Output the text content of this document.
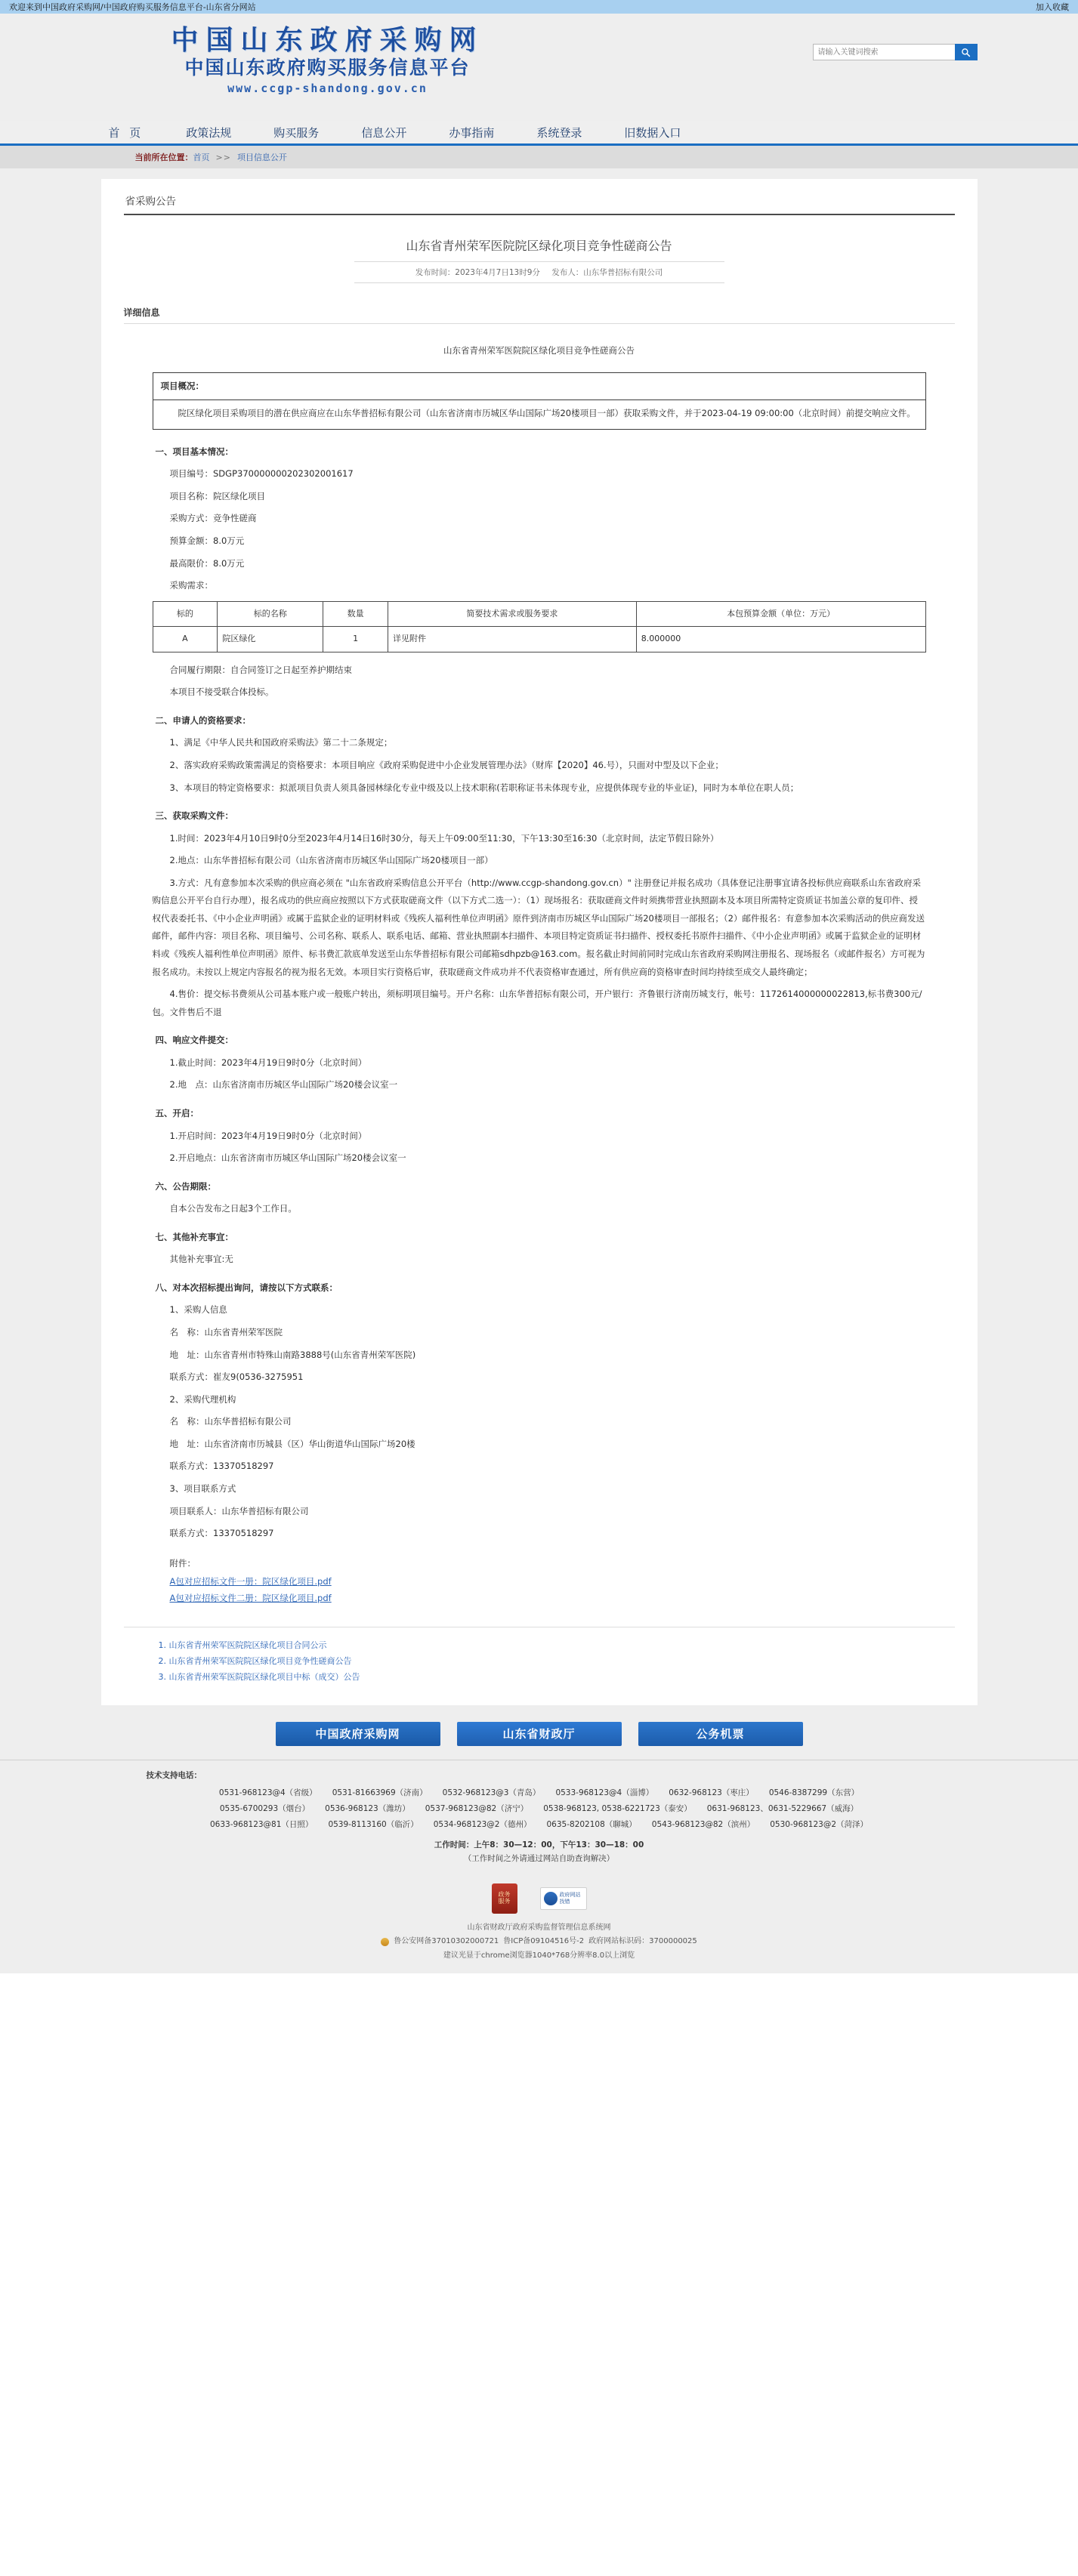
欢迎来到中国政府采购网/中国政府购买服务信息平台-山东省分网站	加入收藏
中国山东政府采购网
中国山东政府购买服务信息平台
www.ccgp-shandong.gov.cn
请输入关键词搜索
首 页	政策法规	购买服务	信息公开	办事指南	系统登录	旧数据入口
当前所在位置： 首页 >> 项目信息公开
省采购公告
山东省青州荣军医院院区绿化项目竞争性磋商公告
发布时间：2023年4月7日13时9分 发布人：山东华普招标有限公司
详细信息
山东省青州荣军医院院区绿化项目竞争性磋商公告
项目概况：
院区绿化项目采购项目的潜在供应商应在山东华普招标有限公司（山东省济南市历城区华山国际广场20楼项目一部）获取采购文件，并于2023-04-19 09:00:00（北京时间）前提交响应文件。
一、项目基本情况：

项目编号：SDGP370000000202302001617

项目名称：院区绿化项目

采购方式：竞争性磋商

预算金额：8.0万元

最高限价：8.0万元

采购需求：

标的	标的名称	数量	简要技术需求或服务要求	本包预算金额（单位：万元）
A	院区绿化	1	详见附件	8.000000

合同履行期限：自合同签订之日起至养护期结束

本项目不接受联合体投标。

二、申请人的资格要求：

1、满足《中华人民共和国政府采购法》第二十二条规定；

2、落实政府采购政策需满足的资格要求：本项目响应《政府采购促进中小企业发展管理办法》（财库【2020】46.号），只面对中型及以下企业；

3、本项目的特定资格要求：拟派项目负责人须具备园林绿化专业中级及以上技术职称(若职称证书未体现专业，应提供体现专业的毕业证)，同时为本单位在职人员；

三、获取采购文件：

1.时间：2023年4月10日9时0分至2023年4月14日16时30分，每天上午09:00至11:30，下午13:30至16:30（北京时间，法定节假日除外）

2.地点：山东华普招标有限公司（山东省济南市历城区华山国际广场20楼项目一部）

3.方式：凡有意参加本次采购的供应商必须在 "山东省政府采购信息公开平台（http://www.ccgp-shandong.gov.cn）" 注册登记并报名成功（具体登记注册事宜请各投标供应商联系山东省政府采购信息公开平台自行办理），报名成功的供应商应按照以下方式获取磋商文件（以下方式二选一）：（1）现场报名：获取磋商文件时须携带营业执照副本及本项目所需特定资质证书加盖公章的复印件、授权代表委托书、《中小企业声明函》或属于监狱企业的证明材料或《残疾人福利性单位声明函》原件到济南市历城区华山国际广场20楼项目一部报名；（2）邮件报名：有意参加本次采购活动的供应商发送邮件，邮件内容：项目名称、项目编号、公司名称、联系人、联系电话、邮箱、营业执照副本扫描件、本项目特定资质证书扫描件、授权委托书原件扫描件、《中小企业声明函》或属于监狱企业的证明材料或《残疾人福利性单位声明函》原件、标书费汇款底单发送至山东华普招标有限公司邮箱sdhpzb@163.com。报名截止时间前同时完成山东省政府采购网注册报名、现场报名（或邮件报名）方可视为报名成功。未按以上规定内容报名的视为报名无效。本项目实行资格后审，获取磋商文件成功并不代表资格审查通过，所有供应商的资格审查时间均持续至成交人最终确定；

4.售价：提交标书费须从公司基本账户或一般账户转出，须标明项目编号。开户名称：山东华普招标有限公司，开户银行：齐鲁银行济南历城支行，帐号：1172614000000022813,标书费300元/包。文件售后不退

四、响应文件提交：

1.截止时间：2023年4月19日9时0分（北京时间）

2.地　点：山东省济南市历城区华山国际广场20楼会议室一

五、开启：

1.开启时间：2023年4月19日9时0分（北京时间）

2.开启地点：山东省济南市历城区华山国际广场20楼会议室一

六、公告期限：

自本公告发布之日起3个工作日。

七、其他补充事宜：

其他补充事宜:无

八、对本次招标提出询问，请按以下方式联系：

1、采购人信息

名　称：山东省青州荣军医院

地　址：山东省青州市特殊山南路3888号(山东省青州荣军医院)

联系方式：崔友9(0536-3275951

2、采购代理机构

名　称：山东华普招标有限公司

地　址：山东省济南市历城县（区）华山街道华山国际广场20楼

联系方式：13370518297

3、项目联系方式

项目联系人：山东华普招标有限公司

联系方式：13370518297

附件：
A包对应招标文件一册：院区绿化项目.pdf
A包对应招标文件二册：院区绿化项目.pdf
1. 山东省青州荣军医院院区绿化项目合同公示
2. 山东省青州荣军医院院区绿化项目竞争性磋商公告
3. 山东省青州荣军医院院区绿化项目中标（成交）公告
中国政府采购网	山东省财政厅	公务机票
技术支持电话：
0531-968123@4（省级） 0531-81663969（济南） 0532-968123@3（青岛） 0533-968123@4（淄博） 0632-968123（枣庄） 0546-8387299（东营）
0535-6700293（烟台） 0536-968123（潍坊） 0537-968123@82（济宁） 0538-968123, 0538-6221723（泰安） 0631-968123、0631-5229667（威海）
0633-968123@81（日照） 0539-8113160（临沂） 0534-968123@2（德州） 0635-8202108（聊城） 0543-968123@82（滨州） 0530-968123@2（菏泽）
工作时间：上午8：30—12：00，下午13：30—18：00
（工作时间之外请通过网站自助查询解决）
政务
服务
政府网站
找错
山东省财政厅政府采购监督管理信息系统网
鲁公安网备37010302000721 鲁ICP备09104516号-2 政府网站标识码：3700000025
建议光显于chrome浏览器1040*768分辨率8.0以上浏览
